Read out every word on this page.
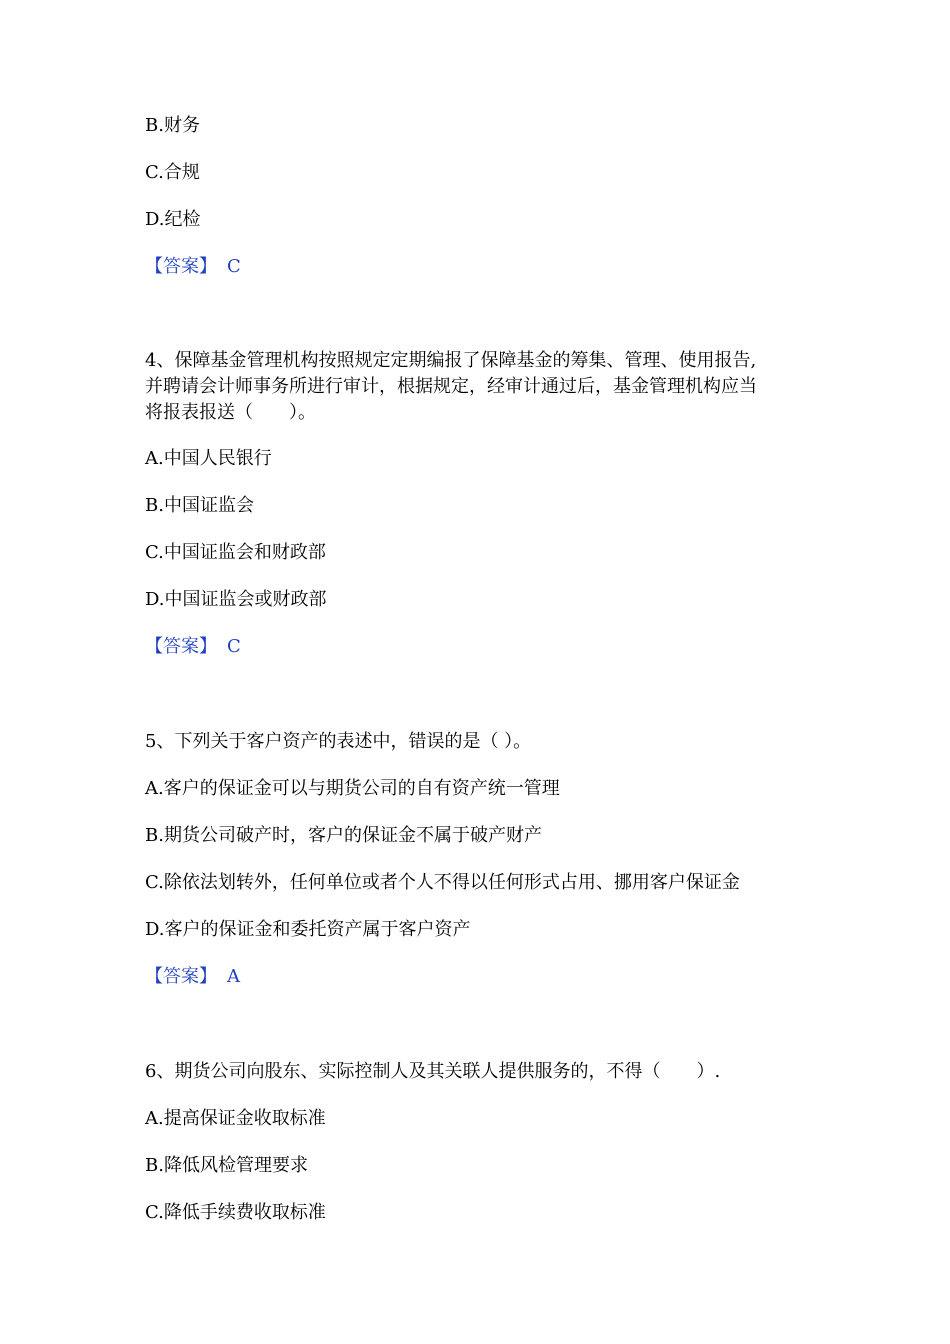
B.财务
C.合规
D.纪检
【答案】 C
4、保障基金管理机构按照规定定期编报了保障基金的筹集、管理、使用报告,
并聘请会计师事务所进行审计，根据规定，经审计通过后，基金管理机构应当
将报表报送（　　）。
A.中国人民银行
B.中国证监会
C.中国证监会和财政部
D.中国证监会或财政部
【答案】 C
5、下列关于客户资产的表述中，错误的是（ ）。
A.客户的保证金可以与期货公司的自有资产统一管理
B.期货公司破产时，客户的保证金不属于破产财产
C.除依法划转外，任何单位或者个人不得以任何形式占用、挪用客户保证金
D.客户的保证金和委托资产属于客户资产
【答案】 A
6、期货公司向股东、实际控制人及其关联人提供服务的，不得（　　）.
A.提高保证金收取标准
B.降低风检管理要求
C.降低手续费收取标准
